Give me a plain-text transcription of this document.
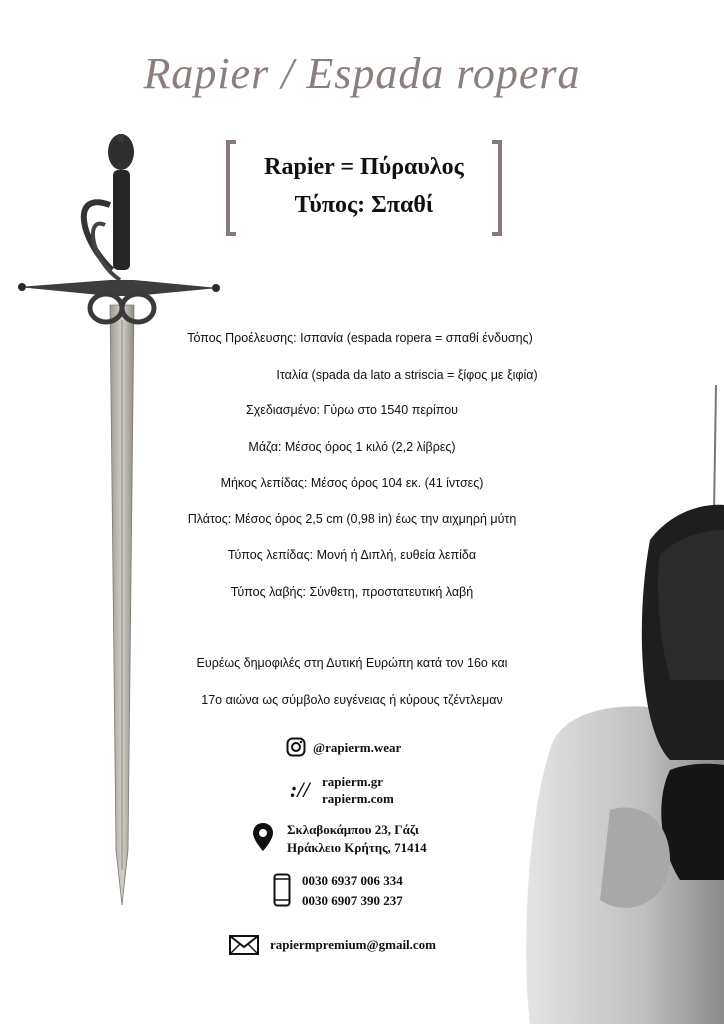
Rapier / Espada ropera
Rapier = Πύραυλος
Τύπος: Σπαθί
Τόπος Προέλευσης: Ισπανία (espada ropera = σπαθί ένδυσης)
Ιταλία (spada da lato a striscia = ξίφος με ξιφία)
Σχεδιασμένο: Γύρω στο 1540 περίπου
Μάζα: Μέσος όρος 1 κιλό (2,2 λίβρες)
Μήκος λεπίδας: Μέσος όρος 104 εκ. (41 ίντσες)
Πλάτος: Μέσος όρος 2,5 cm (0,98 in) έως την αιχμηρή μύτη
Τύπος λεπίδας: Μονή ή Διπλή, ευθεία λεπίδα
Τύπος λαβής: Σύνθετη, προστατευτική λαβή
Ευρέως δημοφιλές στη Δυτική Ευρώπη κατά τον 16ο και
17ο αιώνα ως σύμβολο ευγένειας ή κύρους τζέντλεμαν
@rapierm.wear
:// rapierm.gr
rapierm.com
Σκλαβοκάμπου 23, Γάζι
Ηράκλειο Κρήτης, 71414
0030 6937 006 334
0030 6907 390 237
rapiermpremium@gmail.com
